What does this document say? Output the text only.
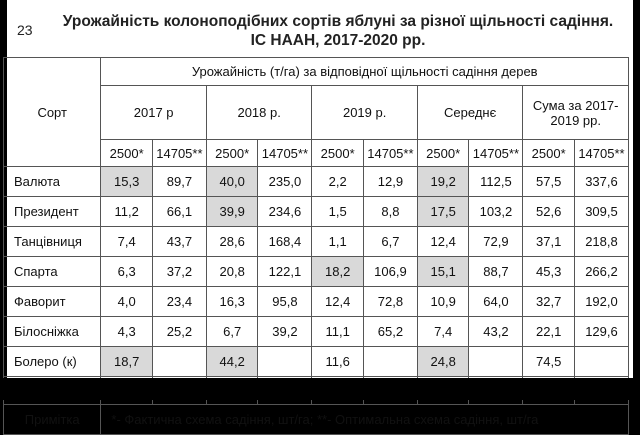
23	Урожайність колоноподібних сортів яблуні за різної щільності садіння.
ІС НААН, 2017-2020 рр.
Сорт	Урожайність (т/га) за відповідної щільності садіння дерев									
	2017 р		2018 р.		2019 р.		Середнє		Сума за 2017-2019 рр.	
	2500*	14705**	2500*	14705**	2500*	14705**	2500*	14705**	2500*	14705**
Валюта	15,3	89,7	40,0	235,0	2,2	12,9	19,2	112,5	57,5	337,6
Президент	11,2	66,1	39,9	234,6	1,5	8,8	17,5	103,2	52,6	309,5
Танцівниця	7,4	43,7	28,6	168,4	1,1	6,7	12,4	72,9	37,1	218,8
Спарта	6,3	37,2	20,8	122,1	18,2	106,9	15,1	88,7	45,3	266,2
Фаворит	4,0	23,4	16,3	95,8	12,4	72,8	10,9	64,0	32,7	192,0
Білосніжка	4,3	25,2	6,7	39,2	11,1	65,2	7,4	43,2	22,1	129,6
Болеро (к)	18,7		44,2		11,6		24,8		74,5	

Примітка	*- Фактична схема садіння, шт/га; **- Оптимальна схема садіння, шт/га									
